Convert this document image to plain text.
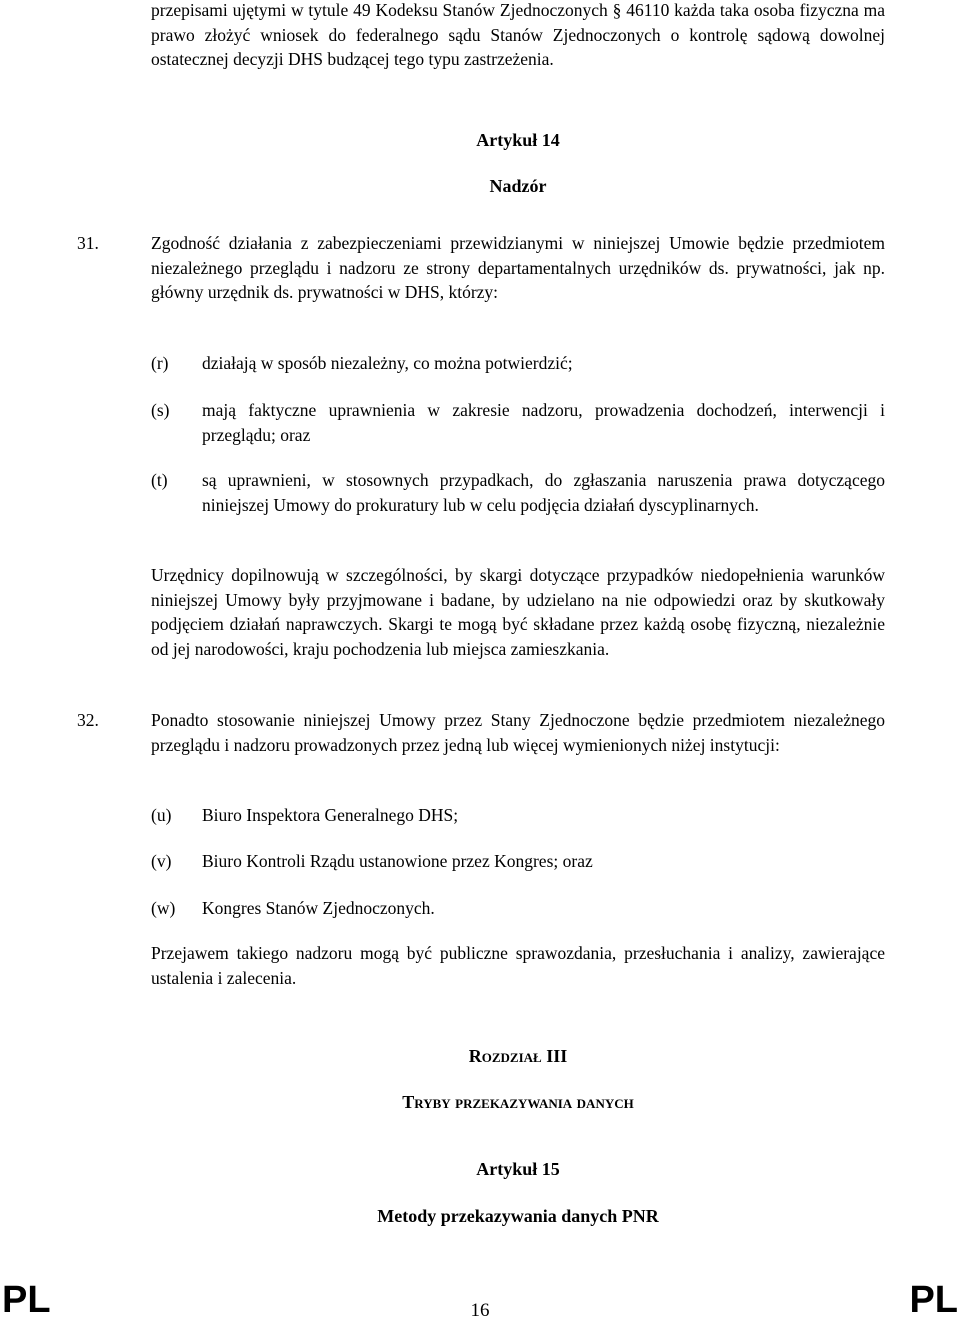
przepisami ujętymi w tytule 49 Kodeksu Stanów Zjednoczonych § 46110 każda taka osoba fizyczna ma prawo złożyć wniosek do federalnego sądu Stanów Zjednoczonych o kontrolę sądową dowolnej ostatecznej decyzji DHS budzącej tego typu zastrzeżenia.

Artykuł 14

Nadzór

31.	Zgodność działania z zabezpieczeniami przewidzianymi w niniejszej Umowie będzie przedmiotem niezależnego przeglądu i nadzoru ze strony departamentalnych urzędników ds. prywatności, jak np. główny urzędnik ds. prywatności w DHS, którzy:

(r) działają w sposób niezależny, co można potwierdzić;
(s) mają faktyczne uprawnienia w zakresie nadzoru, prowadzenia dochodzeń, interwencji i przeglądu; oraz
(t) są uprawnieni, w stosownych przypadkach, do zgłaszania naruszenia prawa dotyczącego niniejszej Umowy do prokuratury lub w celu podjęcia działań dyscyplinarnych.

Urzędnicy dopilnowują w szczególności, by skargi dotyczące przypadków niedopełnienia warunków niniejszej Umowy były przyjmowane i badane, by udzielano na nie odpowiedzi oraz by skutkowały podjęciem działań naprawczych. Skargi te mogą być składane przez każdą osobę fizyczną, niezależnie od jej narodowości, kraju pochodzenia lub miejsca zamieszkania.

32.	Ponadto stosowanie niniejszej Umowy przez Stany Zjednoczone będzie przedmiotem niezależnego przeglądu i nadzoru prowadzonych przez jedną lub więcej wymienionych niżej instytucji:

(u) Biuro Inspektora Generalnego DHS;
(v) Biuro Kontroli Rządu ustanowione przez Kongres; oraz
(w) Kongres Stanów Zjednoczonych.

Przejawem takiego nadzoru mogą być publiczne sprawozdania, przesłuchania i analizy, zawierające ustalenia i zalecenia.

Rozdział III

Tryby przekazywania danych

Artykuł 15

Metody przekazywania danych PNR

PL	PL
16
